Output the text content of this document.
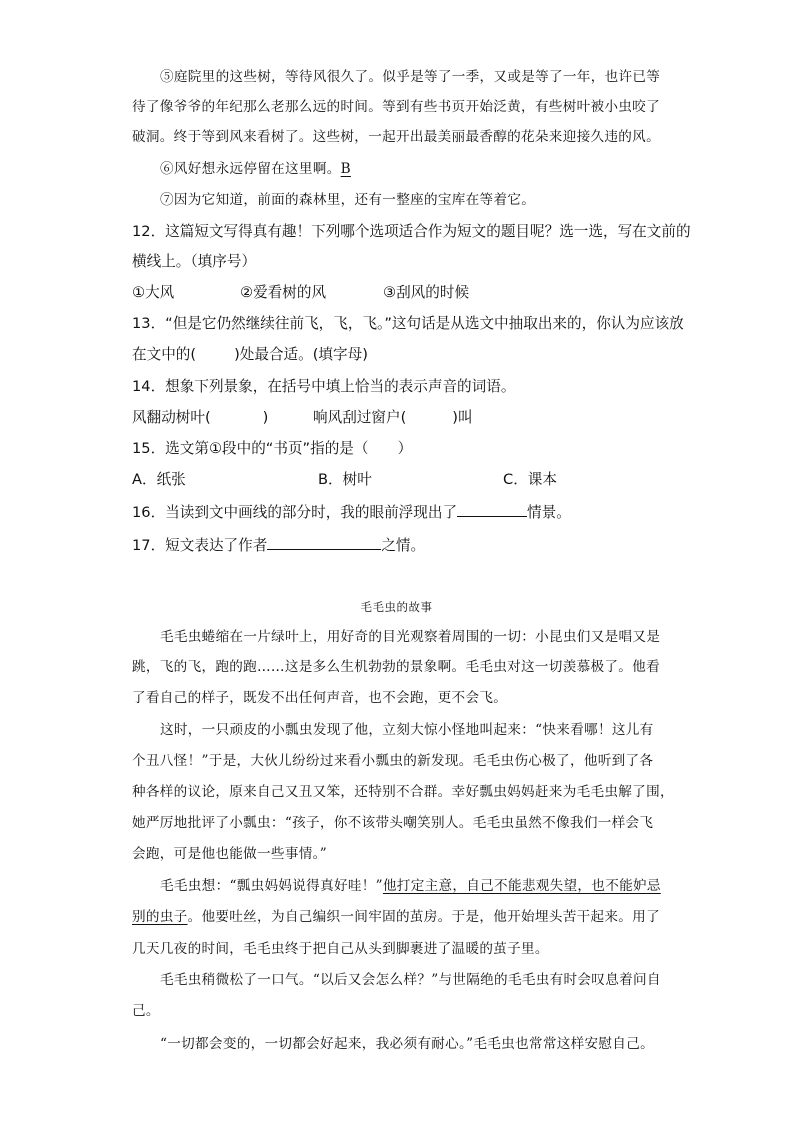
⑤庭院里的这些树，等待风很久了。似乎是等了一季，又或是等了一年，也许已等
待了像爷爷的年纪那么老那么远的时间。等到有些书页开始泛黄，有些树叶被小虫咬了
破洞。终于等到风来看树了。这些树，一起开出最美丽最香醇的花朵来迎接久违的风。
⑥风好想永远停留在这里啊。B
⑦因为它知道，前面的森林里，还有一整座的宝库在等着它。
12．这篇短文写得真有趣！下列哪个选项适合作为短文的题目呢？选一选，写在文前的
横线上。（填序号）
①大风	②爱看树的风	③刮风的时候
13．“但是它仍然继续往前飞，飞，飞。”这句话是从选文中抽取出来的，你认为应该放
在文中的(	)处最合适。(填字母)
14．想象下列景象，在括号中填上恰当的表示声音的词语。
风翻动树叶(	)	响风刮过窗户(	)叫
15．选文第①段中的“书页”指的是（　　）
A．纸张	B．树叶	C．课本
16．当读到文中画线的部分时，我的眼前浮现出了	情景。
17．短文表达了作者	之情。
毛毛虫的故事
毛毛虫蜷缩在一片绿叶上，用好奇的目光观察着周围的一切：小昆虫们又是唱又是
跳，飞的飞，跑的跑……这是多么生机勃勃的景象啊。毛毛虫对这一切羡慕极了。他看
了看自己的样子，既发不出任何声音，也不会跑，更不会飞。
这时，一只顽皮的小瓢虫发现了他，立刻大惊小怪地叫起来：“快来看哪！这儿有
个丑八怪！”于是，大伙儿纷纷过来看小瓢虫的新发现。毛毛虫伤心极了，他听到了各
种各样的议论，原来自己又丑又笨，还特别不合群。幸好瓢虫妈妈赶来为毛毛虫解了围，
她严厉地批评了小瓢虫：“孩子，你不该带头嘲笑别人。毛毛虫虽然不像我们一样会飞
会跑，可是他也能做一些事情。”
毛毛虫想：“瓢虫妈妈说得真好哇！”他打定主意，自己不能悲观失望，也不能妒忌
别的虫子。他要吐丝，为自己编织一间牢固的茧房。于是，他开始埋头苦干起来。用了
几天几夜的时间，毛毛虫终于把自己从头到脚裹进了温暖的茧子里。
毛毛虫稍微松了一口气。“以后又会怎么样？”与世隔绝的毛毛虫有时会叹息着问自
己。
“一切都会变的，一切都会好起来，我必须有耐心。”毛毛虫也常常这样安慰自己。
